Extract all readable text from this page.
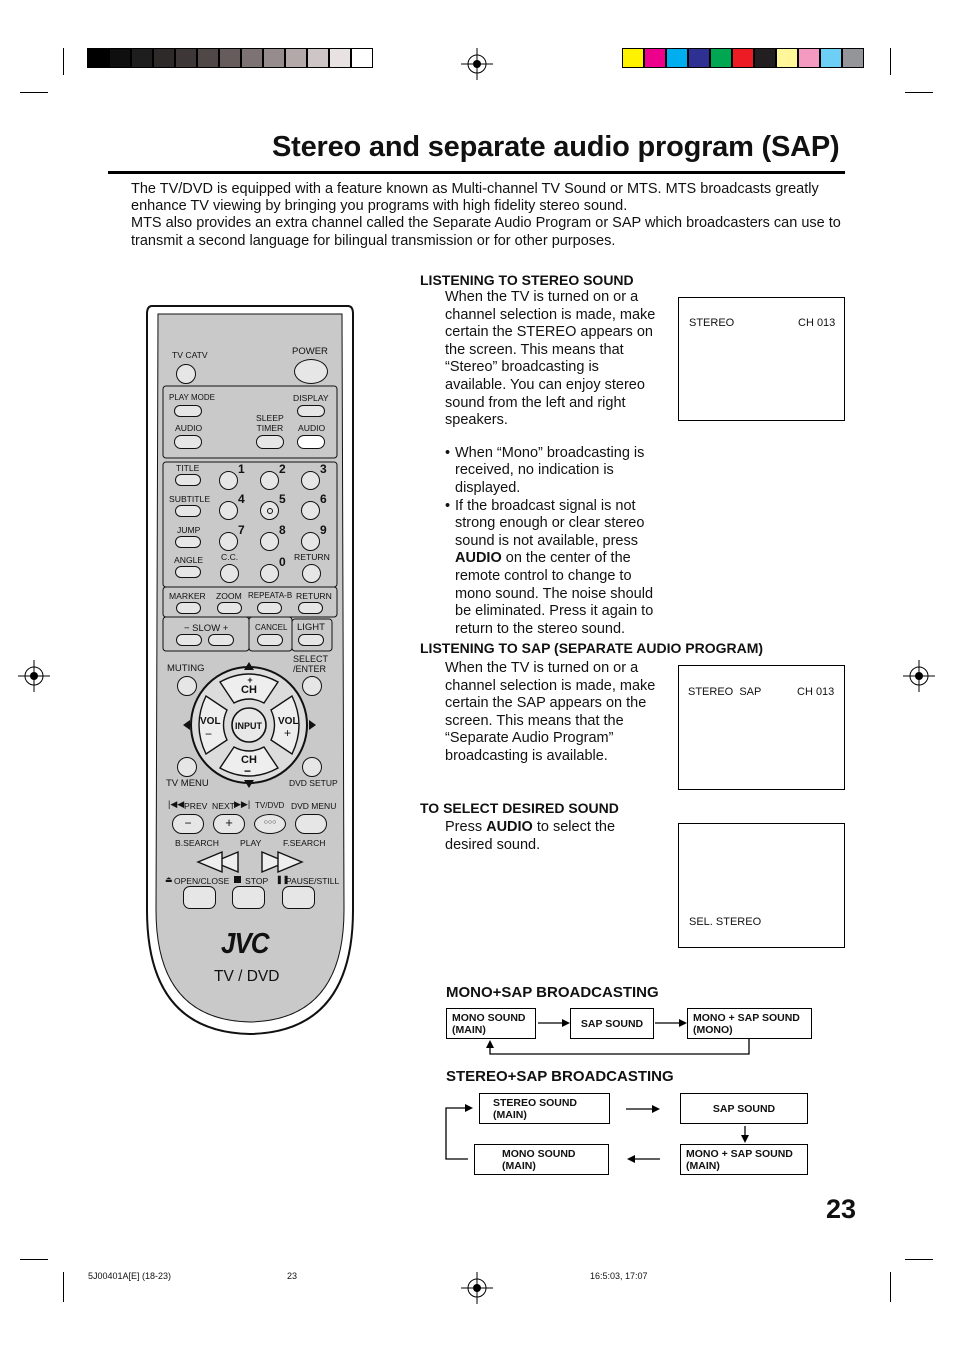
Stereo and separate audio program (SAP)

The TV/DVD is equipped with a feature known as Multi-channel TV Sound or MTS. MTS broadcasts greatly enhance TV viewing by bringing you programs with high fidelity stereo sound.

MTS also provides an extra channel called the Separate Audio Program or SAP which broadcasters can use to transmit a second language for bilingual transmission or for other purposes.

TV CATV	POWER
PLAY MODE	DISPLAY
AUDIO
SLEEP
TIMER AUDIO
TITLE
SUBTITLE
JUMP
ANGLE
1	2	3
4	5	6
7	8	9
0
C.C.	RETURN
MARKER ZOOM REPEATA-B RETURN
− SLOW +	CANCEL LIGHT
MUTING
SELECT
/ENTER
+
CH
CH
−
VOL
−
VOL
+
INPUT
TV MENU	DVD SETUP
|◀◀ PREV NEXT ▶▶| TV/DVD DVD MENU
−	+	○○○
B.SEARCH PLAY	F.SEARCH
⏏ OPEN/CLOSE STOP ❚❚
PAUSE/STILL
JVC
TV / DVD
LISTENING TO STEREO SOUND

When the TV is turned on or a channel selection is made, make certain the STEREO appears on the screen. This means that “Stereo” broadcasting is available. You can enjoy stereo sound from the left and right speakers.

• When “Mono” broadcasting is received, no indication is displayed.
• If the broadcast signal is not strong enough or clear stereo sound is not available, press AUDIO on the center of the remote control to change to mono sound. The noise should be eliminated. Press it again to return to the stereo sound.
STEREO	CH 013
LISTENING TO SAP (SEPARATE AUDIO PROGRAM)
When the TV is turned on or a channel selection is made, make certain the SAP appears on the screen. This means that the “Separate Audio Program” broadcasting is available.
STEREO  SAP	CH 013
TO SELECT DESIRED SOUND
Press AUDIO to select the desired sound.
SEL. STEREO
MONO+SAP BROADCASTING
MONO SOUND
(MAIN)	SAP SOUND	MONO + SAP SOUND
(MONO)
STEREO+SAP BROADCASTING
STEREO SOUND
(MAIN)	SAP SOUND
MONO + SAP SOUND
(MAIN)
MONO SOUND
(MAIN)
23
5J00401A[E] (18-23)	23	16:5:03, 17:07
